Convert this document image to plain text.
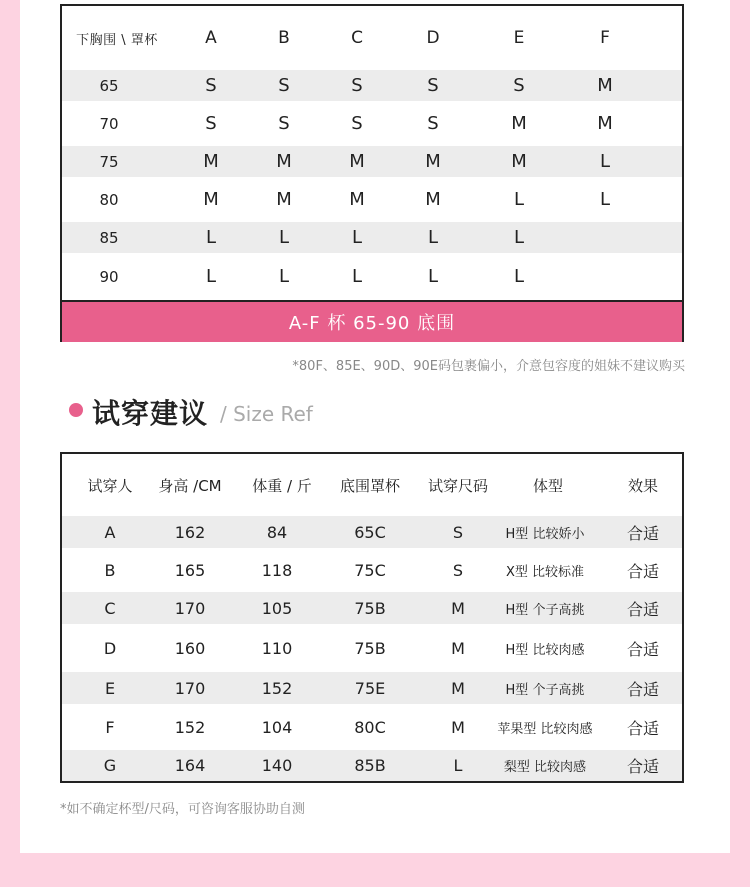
下胸围 \ 罩杯	A	B	C	D	E	F
65	S	S	S	S	S	M
70	S	S	S	S	M	M
75	M	M	M	M	M	L
80	M	M	M	M	L	L
85	L	L	L	L	L
90	L	L	L	L	L
A-F 杯 65-90 底围
*80F、85E、90D、90E码包裹偏小，介意包容度的姐妹不建议购买
试穿建议 / Size Ref
试穿人	身高 /CM	体重 / 斤	底围罩杯	试穿尺码	体型	效果
A	162	84	65C	S	H型 比较娇小	合适
B	165	118	75C	S	X型 比较标准	合适
C	170	105	75B	M	H型 个子高挑	合适
D	160	110	75B	M	H型 比较肉感	合适
E	170	152	75E	M	H型 个子高挑	合适
F	152	104	80C	M	苹果型 比较肉感	合适
G	164	140	85B	L	梨型 比较肉感	合适
*如不确定杯型/尺码，可咨询客服协助自测
